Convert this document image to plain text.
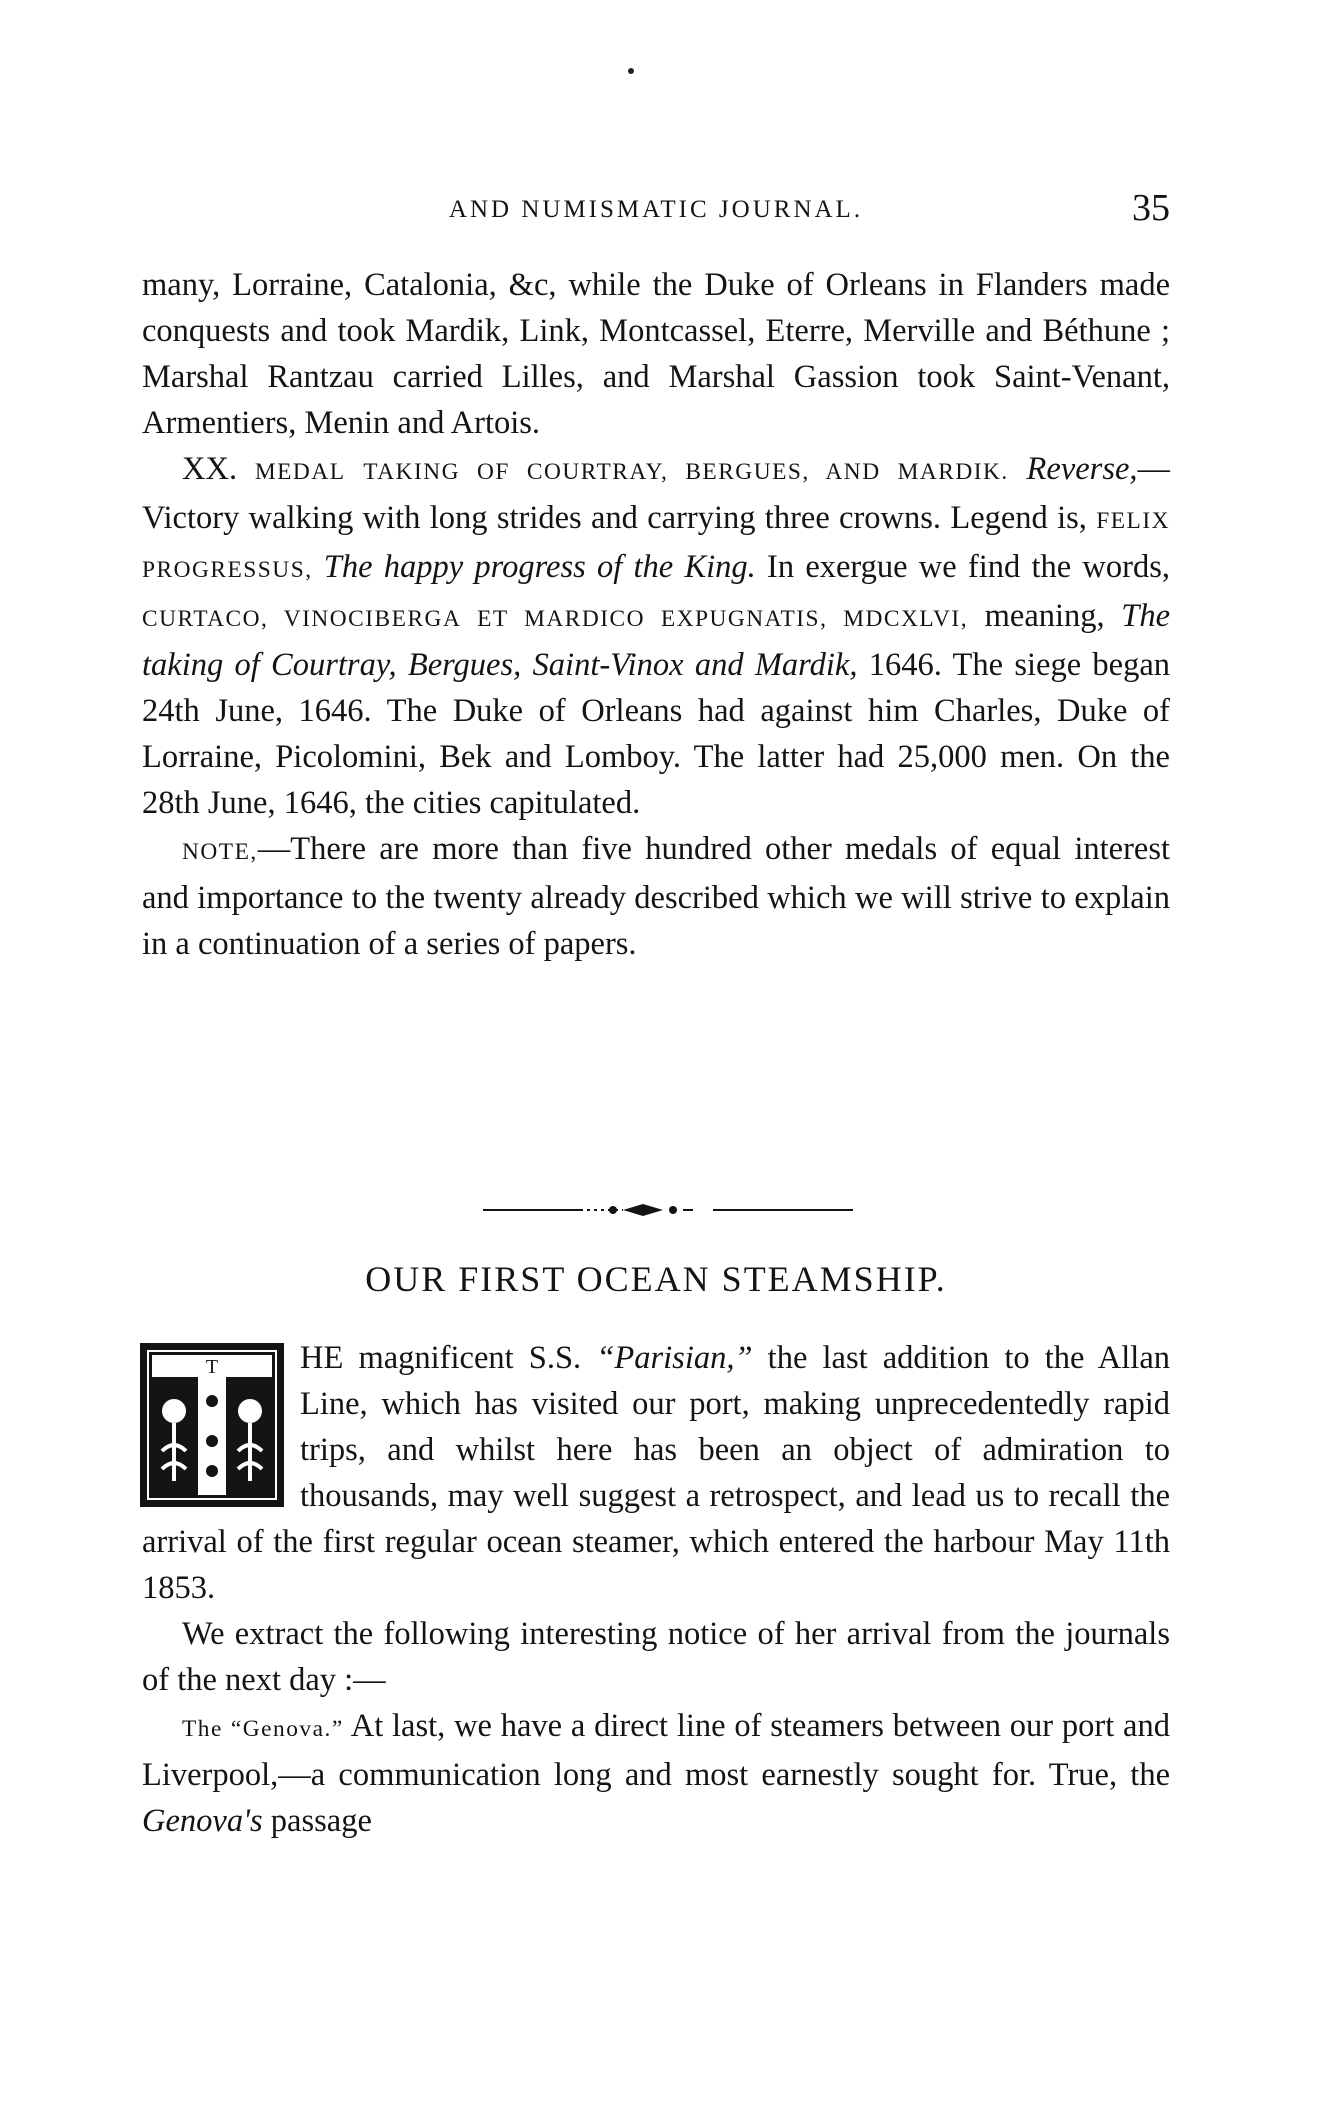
AND NUMISMATIC JOURNAL.	35

many, Lorraine, Catalonia, &c, while the Duke of Orleans in Flanders made conquests and took Mardik, Link, Montcassel, Eterre, Merville and Béthune ; Marshal Rantzau carried Lilles, and Marshal Gassion took Saint-Venant, Armentiers, Menin and Artois.

XX. MEDAL TAKING OF COURTRAY, BERGUES, AND MARDIK. Reverse,—Victory walking with long strides and carrying three crowns. Legend is, FELIX PROGRESSUS, The happy progress of the King. In exergue we find the words, CURTACO, VINOCIBERGА ET MARDICO EXPUGNATIS, MDCXLVI, meaning, The taking of Courtray, Bergues, Saint-Vinox and Mardik, 1646. The siege began 24th June, 1646. The Duke of Orleans had against him Charles, Duke of Lorraine, Picolomini, Bek and Lomboy. The latter had 25,000 men. On the 28th June, 1646, the cities capitulated.

NOTE,—There are more than five hundred other medals of equal interest and importance to the twenty already described which we will strive to explain in a continuation of a series of papers.

OUR FIRST OCEAN STEAMSHIP.
T	HE magnificent S.S. “Parisian,” the last addition to the Allan Line, which has visited our port, making unprecedentedly rapid trips, and whilst here has been an object of admiration to thousands, may well suggest a retrospect, and lead us to recall the arrival of the first regular ocean steamer, which entered the harbour May 11th 1853.

We extract the following interesting notice of her arrival from the journals of the next day :—

The “Genova.” At last, we have a direct line of steamers between our port and Liverpool,—a communication long and most earnestly sought for. True, the Genova's passage
